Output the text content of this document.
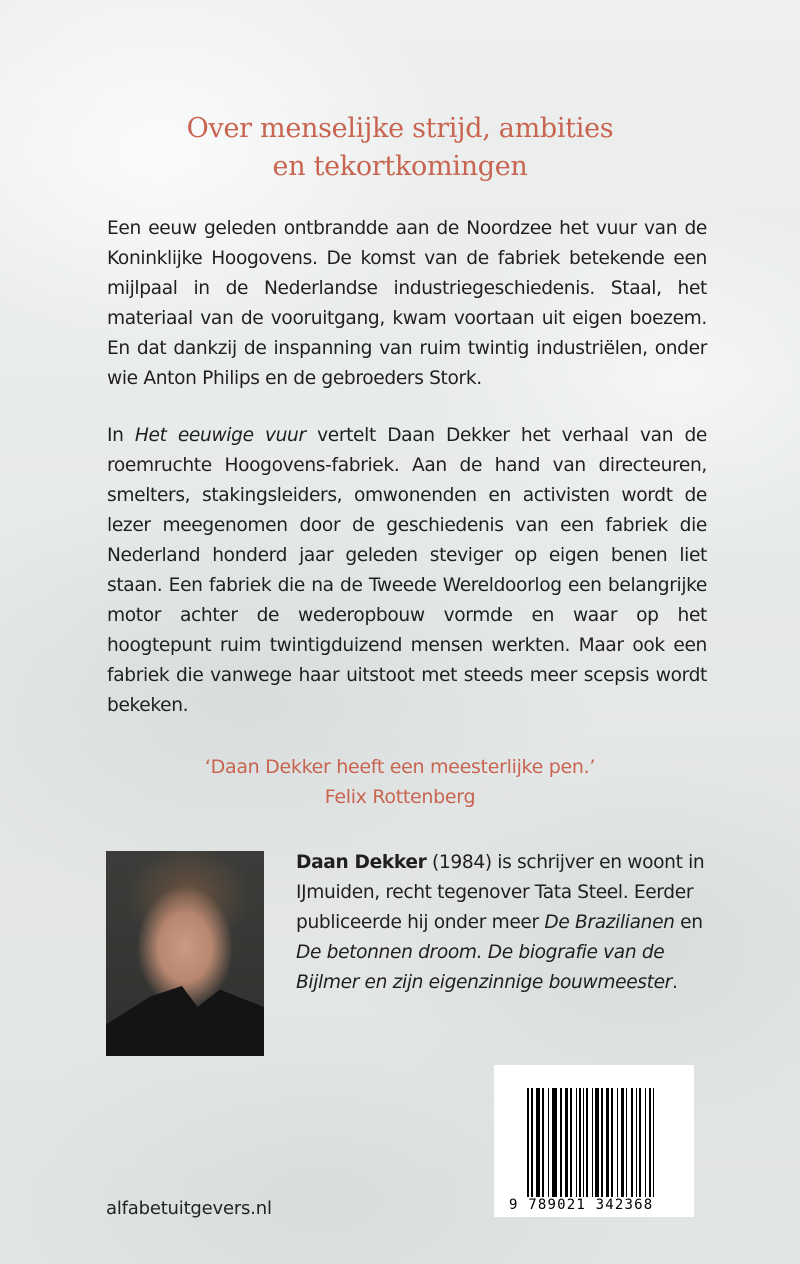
Over menselijke strijd, ambities
en tekortkomingen
Een eeuw geleden ontbrandde aan de Noordzee het vuur van de Koninklijke Hoogovens. De komst van de fabriek betekende een mijlpaal in de Nederlandse industriegeschiedenis. Staal, het materiaal van de vooruitgang, kwam voortaan uit eigen boezem. En dat dankzij de inspanning van ruim twintig industriëlen, onder wie Anton Philips en de gebroeders Stork.
In Het eeuwige vuur vertelt Daan Dekker het verhaal van de roemruchte Hoogovens-fabriek. Aan de hand van directeuren, smelters, stakingsleiders, omwonenden en activisten wordt de lezer meegenomen door de geschiedenis van een fabriek die Nederland honderd jaar geleden steviger op eigen benen liet staan. Een fabriek die na de Tweede Wereldoorlog een belangrijke motor achter de wederopbouw vormde en waar op het hoogtepunt ruim twintigduizend mensen werkten. Maar ook een fabriek die vanwege haar uitstoot met steeds meer scepsis wordt bekeken.
‘Daan Dekker heeft een meesterlijke pen.’
Felix Rottenberg
Daan Dekker (1984) is schrijver en woont in IJmuiden, recht tegenover Tata Steel. Eerder publiceerde hij onder meer De Brazilianen en De betonnen droom. De biografie van de Bijlmer en zijn eigenzinnige bouwmeester.
9 789021 342368
alfabetuitgevers.nl
